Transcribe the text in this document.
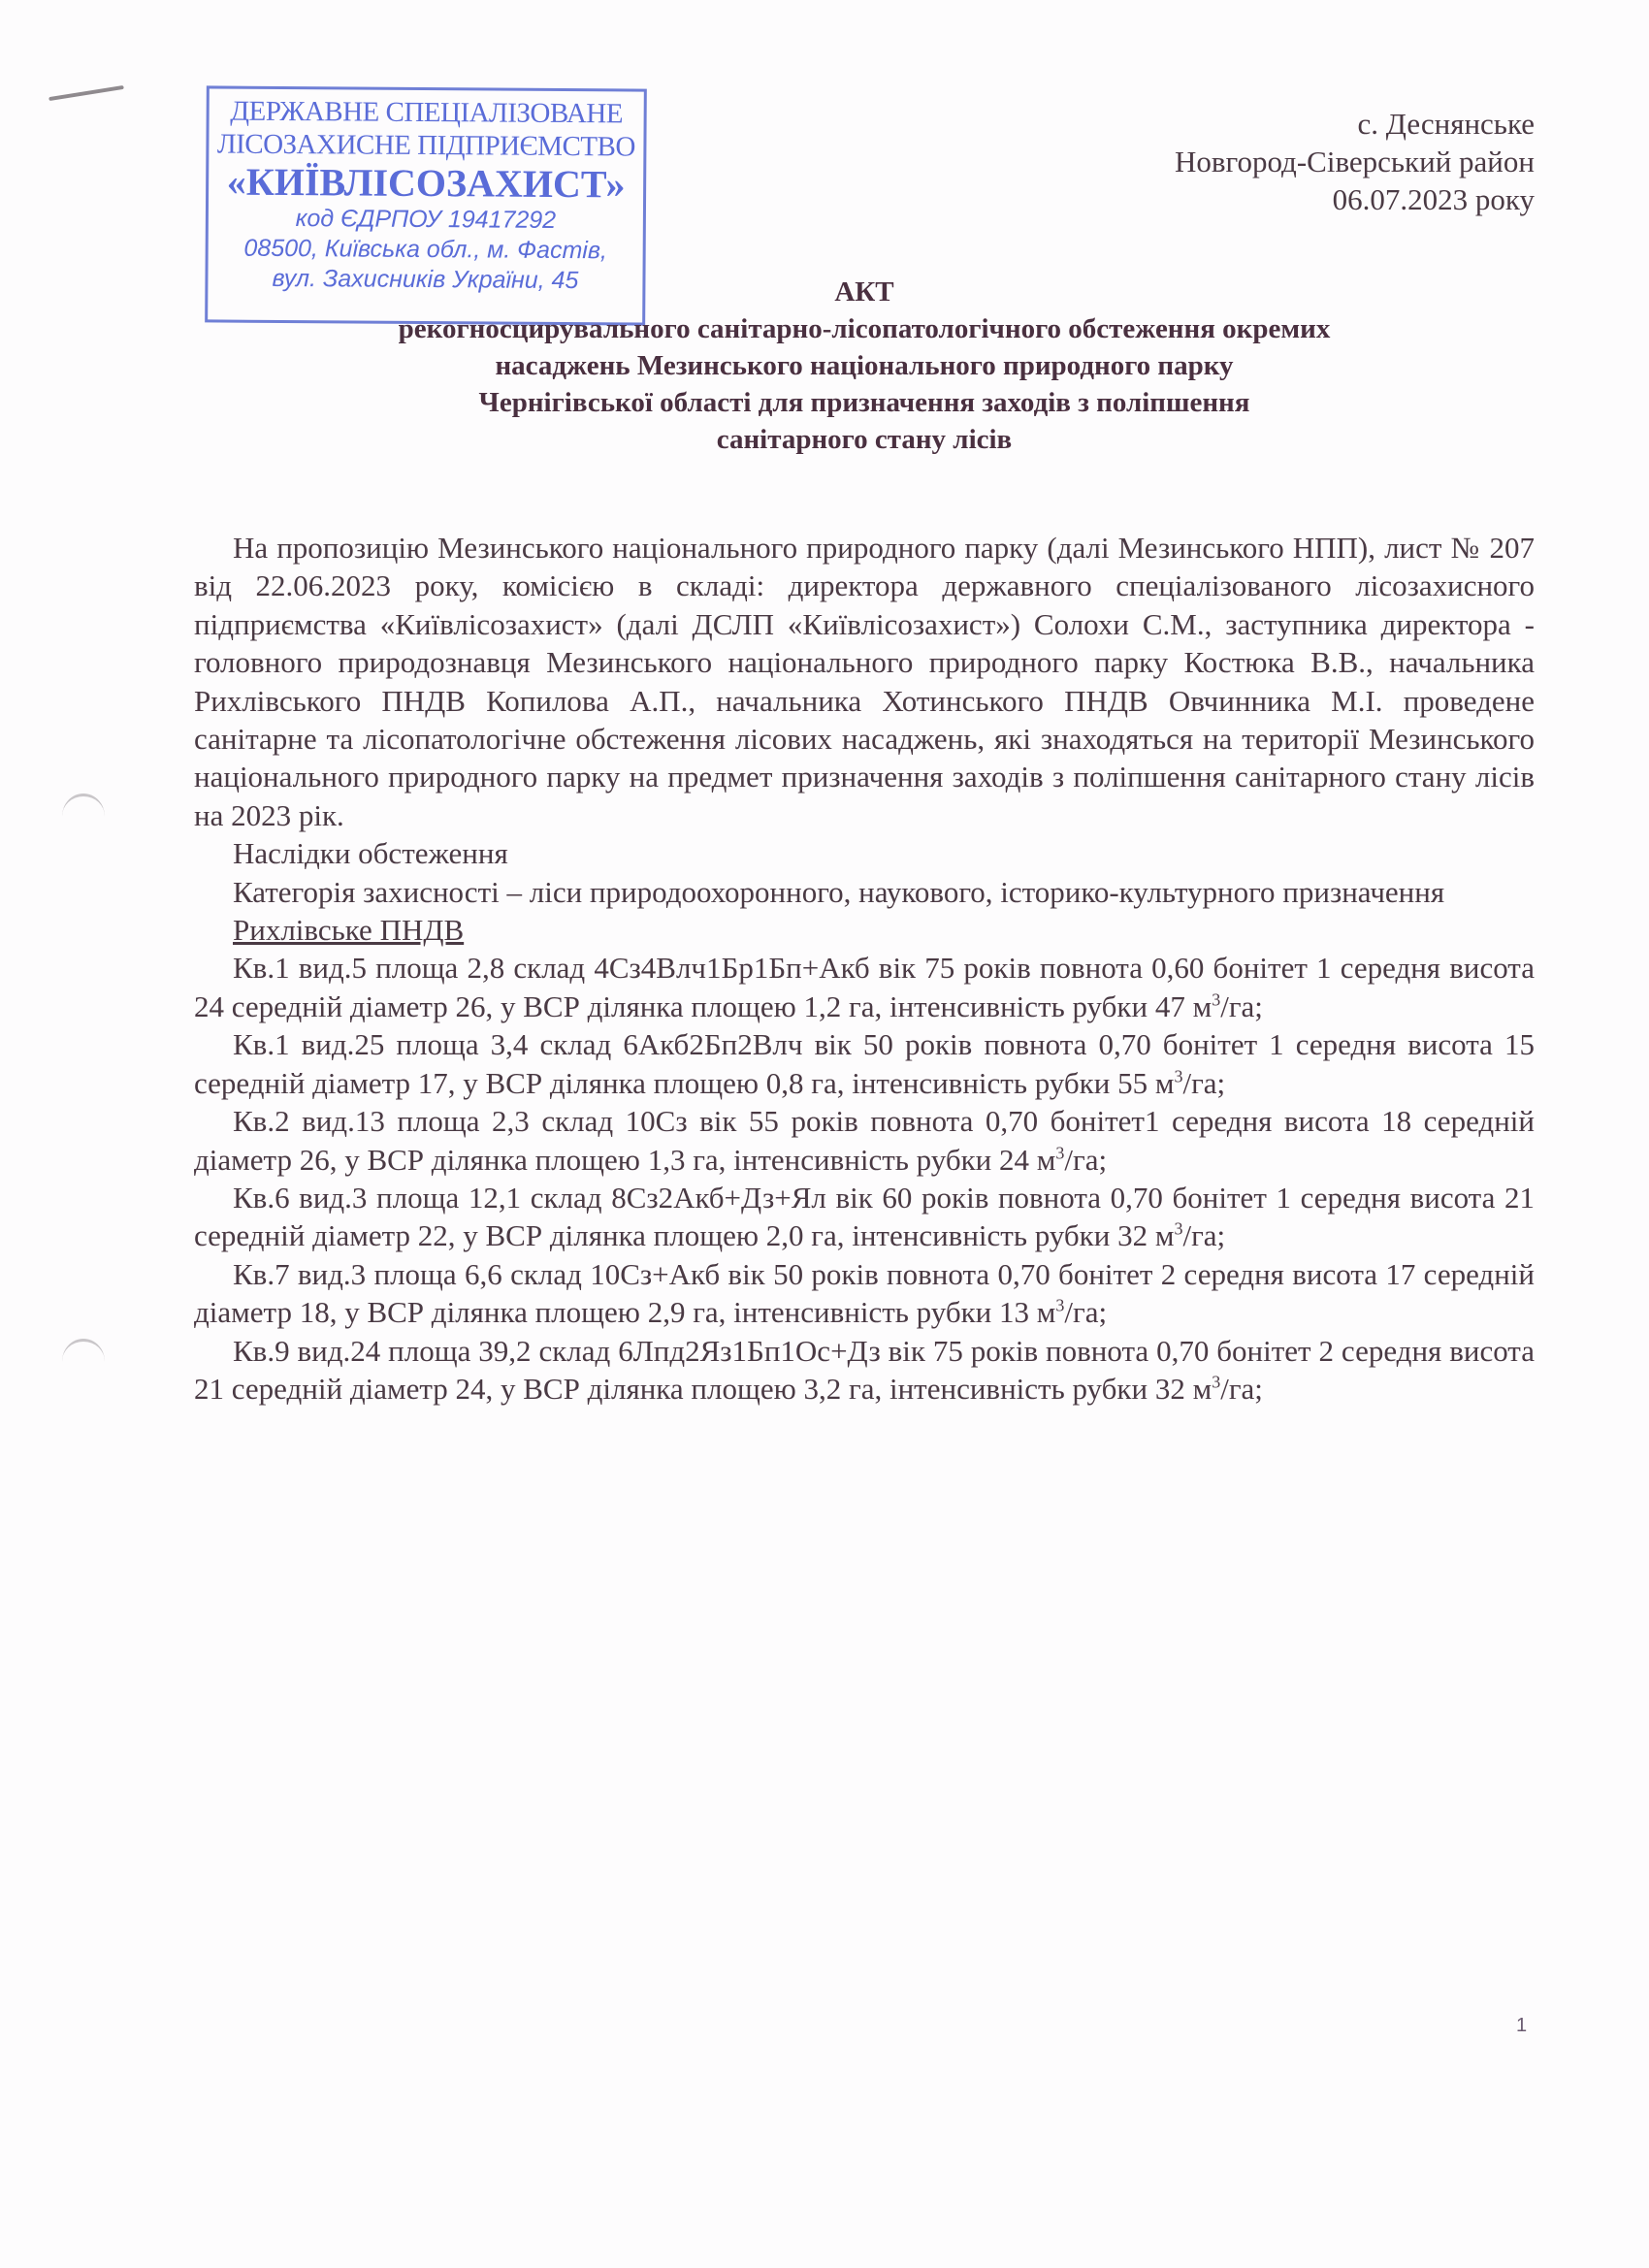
ДЕРЖАВНЕ СПЕЦІАЛІЗОВАНЕ
ЛІСОЗАХИСНЕ ПІДПРИЄМСТВО
«КИЇВЛІСОЗАХИСТ»
код ЄДРПОУ 19417292
08500, Київська обл., м. Фастів,
вул. Захисників України, 45
с. Деснянське
Новгород-Сіверський район
06.07.2023 року
АКТ
рекогносцирувального санітарно-лісопатологічного обстеження окремих
насаджень Мезинського національного природного парку
Чернігівської області для призначення заходів з поліпшення
санітарного стану лісів

На пропозицію Мезинського національного природного парку (далі Мезинського НПП), лист № 207 від 22.06.2023 року, комісією в складі: директора державного спеціалізованого лісозахисного підприємства «Київлісозахист» (далі ДСЛП «Київлісозахист») Солохи С.М., заступника директора - головного природознавця Мезинського національного природного парку Костюка В.В., начальника Рихлівського ПНДВ Копилова А.П., начальника Хотинського ПНДВ Овчинника М.І. проведене санітарне та лісопатологічне обстеження лісових насаджень, які знаходяться на території Мезинського національного природного парку на предмет призначення заходів з поліпшення санітарного стану лісів на 2023 рік.

Наслідки обстеження

Категорія захисності – ліси природоохоронного, наукового, історико-культурного призначення

Рихлівське ПНДВ

Кв.1 вид.5 площа 2,8 склад 4Сз4Влч1Бр1Бп+Акб вік 75 років повнота 0,60 бонітет 1 середня висота 24 середній діаметр 26, у ВСР ділянка площею 1,2 га, інтенсивність рубки 47 $м^3/га$;

Кв.1 вид.25 площа 3,4 склад 6Акб2Бп2Влч вік 50 років повнота 0,70 бонітет 1 середня висота 15 середній діаметр 17, у ВСР ділянка площею 0,8 га, інтенсивність рубки 55 $м^3/га$;

Кв.2 вид.13 площа 2,3 склад 10Сз вік 55 років повнота 0,70 бонітет1 середня висота 18 середній діаметр 26, у ВСР ділянка площею 1,3 га, інтенсивність рубки 24 $м^3/га$;

Кв.6 вид.3 площа 12,1 склад 8Сз2Акб+Дз+Ял вік 60 років повнота 0,70 бонітет 1 середня висота 21 середній діаметр 22, у ВСР ділянка площею 2,0 га, інтенсивність рубки 32 $м^3/га$;

Кв.7 вид.3 площа 6,6 склад 10Сз+Акб вік 50 років повнота 0,70 бонітет 2 середня висота 17 середній діаметр 18, у ВСР ділянка площею 2,9 га, інтенсивність рубки 13 $м^3/га$;

Кв.9 вид.24 площа 39,2 склад 6Лпд2Яз1Бп1Ос+Дз вік 75 років повнота 0,70 бонітет 2 середня висота 21 середній діаметр 24, у ВСР ділянка площею 3,2 га, інтенсивність рубки 32 $м^3/га$;

1
